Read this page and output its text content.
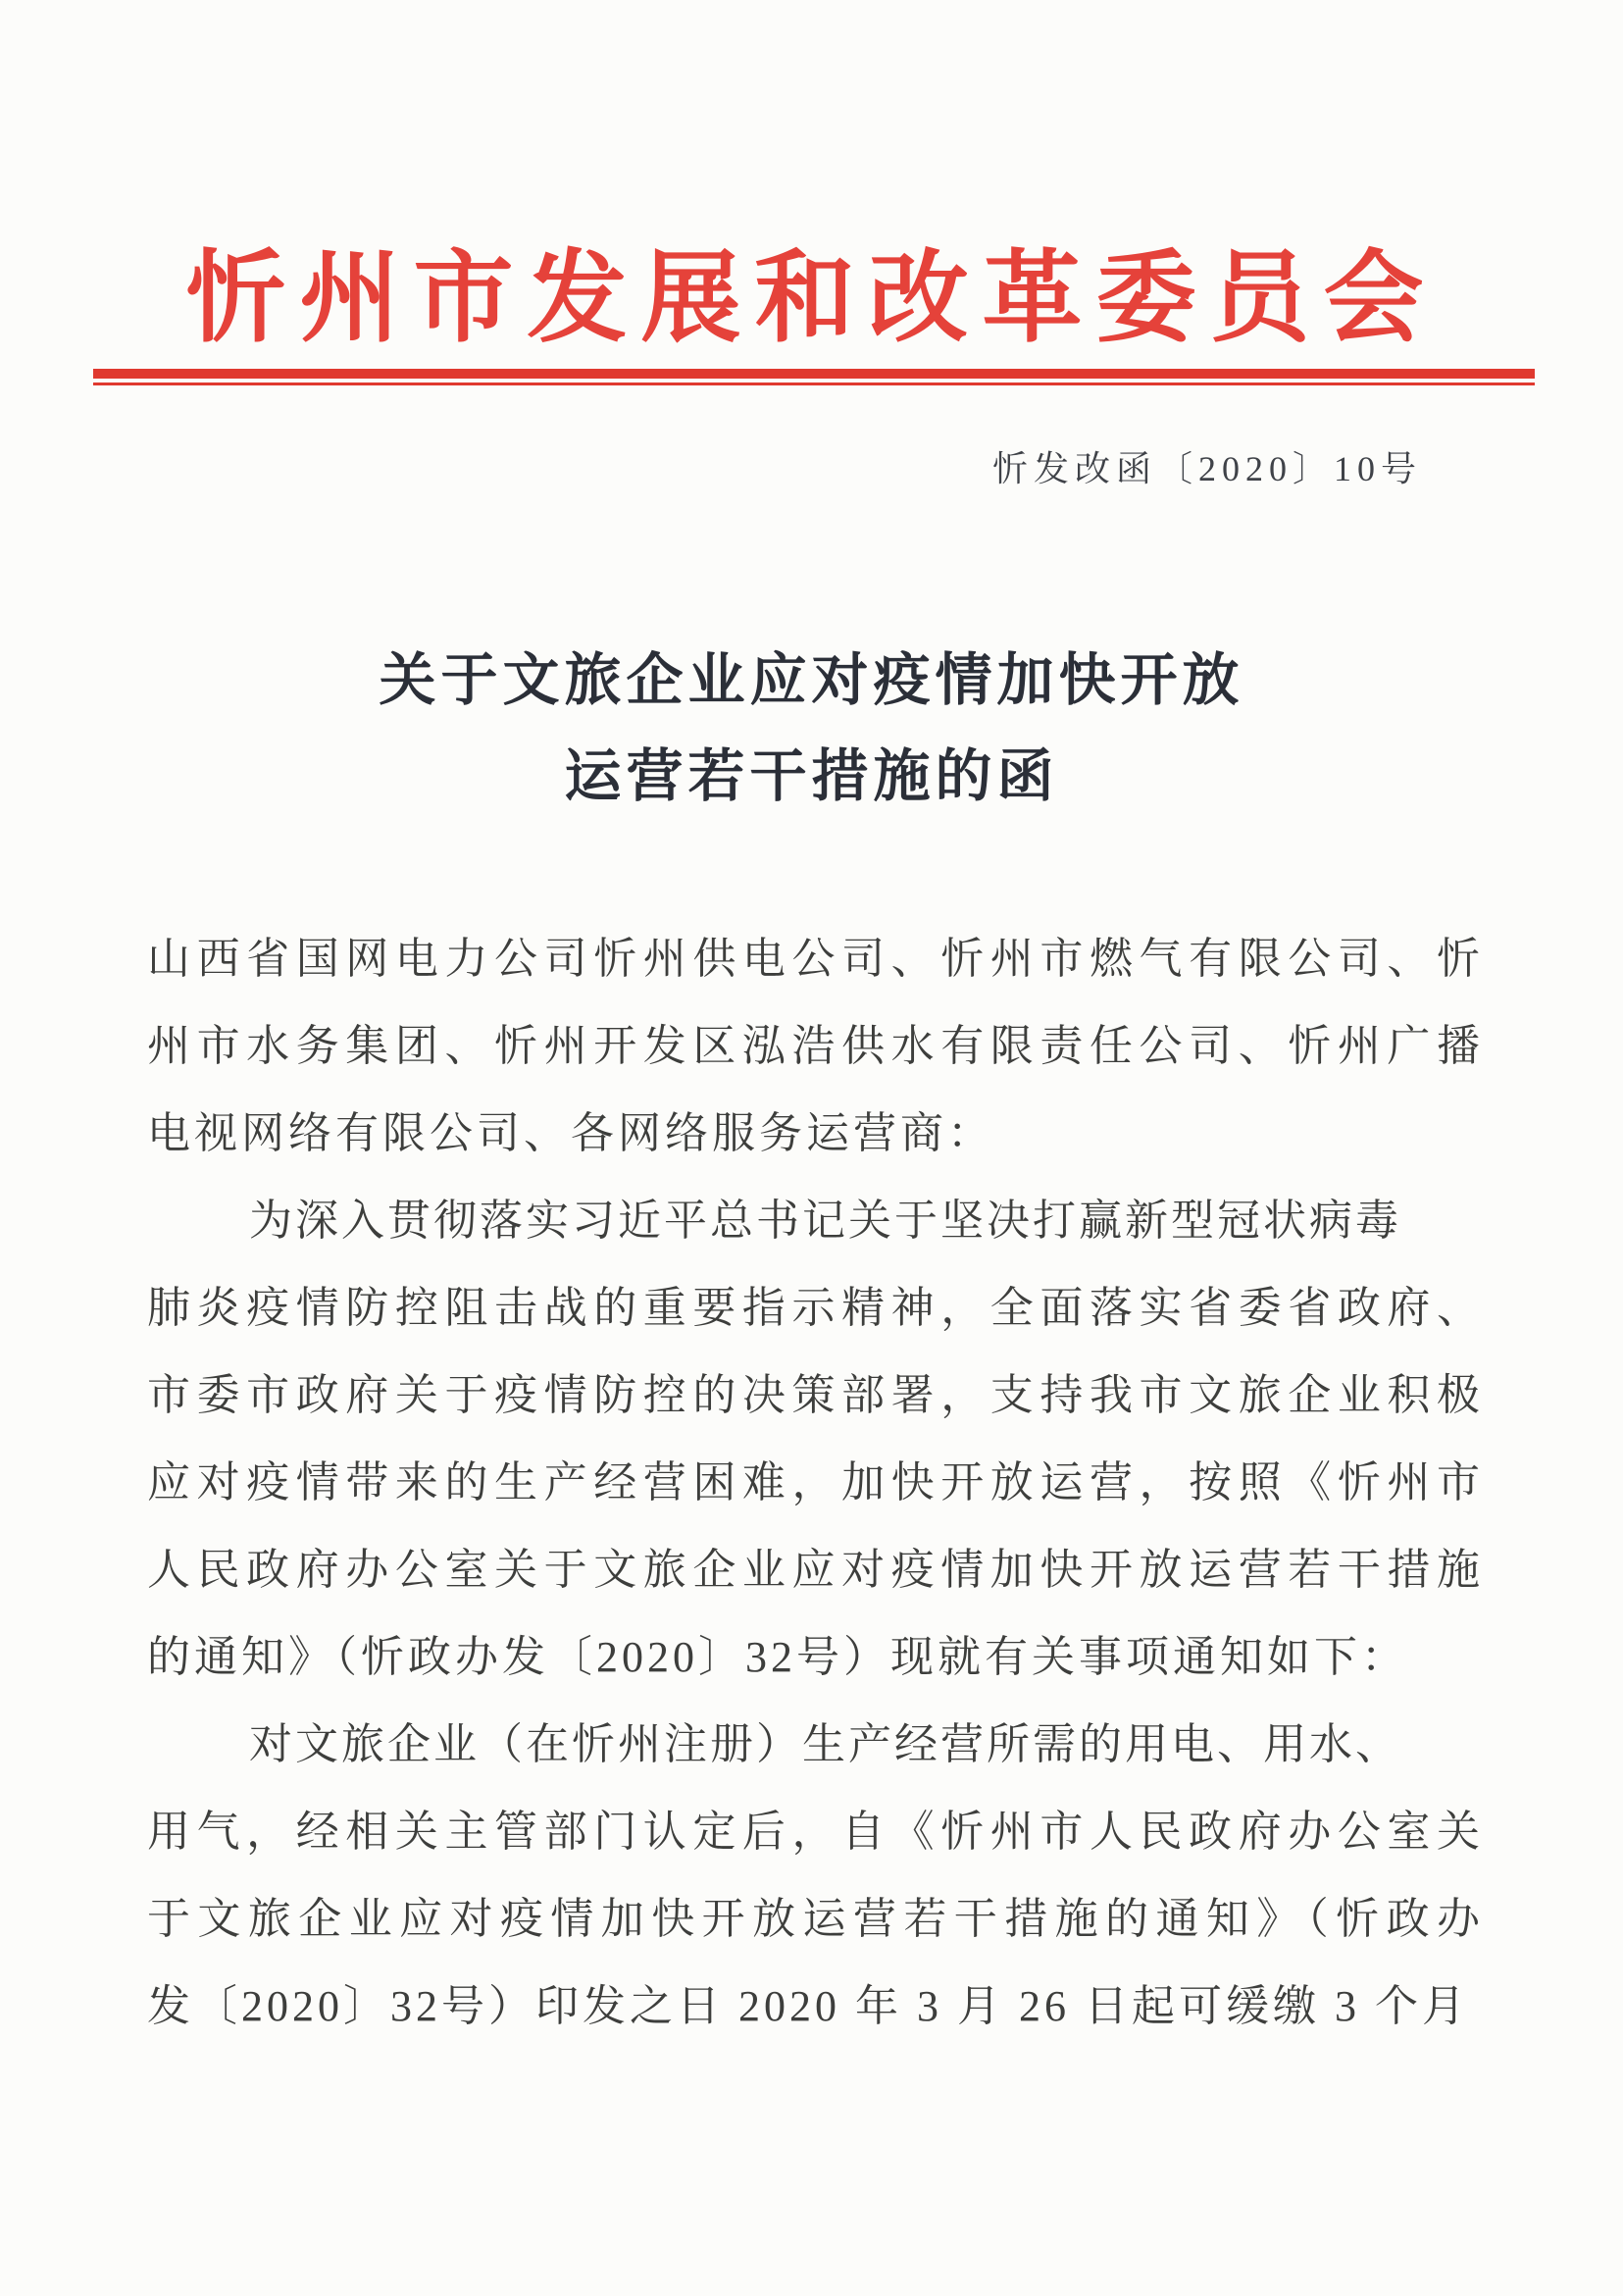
忻州市发展和改革委员会
忻发改函〔2020〕10号
关于文旅企业应对疫情加快开放
运营若干措施的函
山西省国网电力公司忻州供电公司、忻州市燃气有限公司、忻
州市水务集团、忻州开发区泓浩供水有限责任公司、忻州广播
电视网络有限公司、各网络服务运营商：
为深入贯彻落实习近平总书记关于坚决打赢新型冠状病毒
肺炎疫情防控阻击战的重要指示精神，全面落实省委省政府、
市委市政府关于疫情防控的决策部署，支持我市文旅企业积极
应对疫情带来的生产经营困难，加快开放运营，按照《忻州市
人民政府办公室关于文旅企业应对疫情加快开放运营若干措施
的通知》（忻政办发〔2020〕32号）现就有关事项通知如下：
对文旅企业（在忻州注册）生产经营所需的用电、用水、
用气，经相关主管部门认定后，自《忻州市人民政府办公室关
于文旅企业应对疫情加快开放运营若干措施的通知》（忻政办
发〔2020〕32号）印发之日 2020 年 3 月 26 日起可缓缴 3 个月
